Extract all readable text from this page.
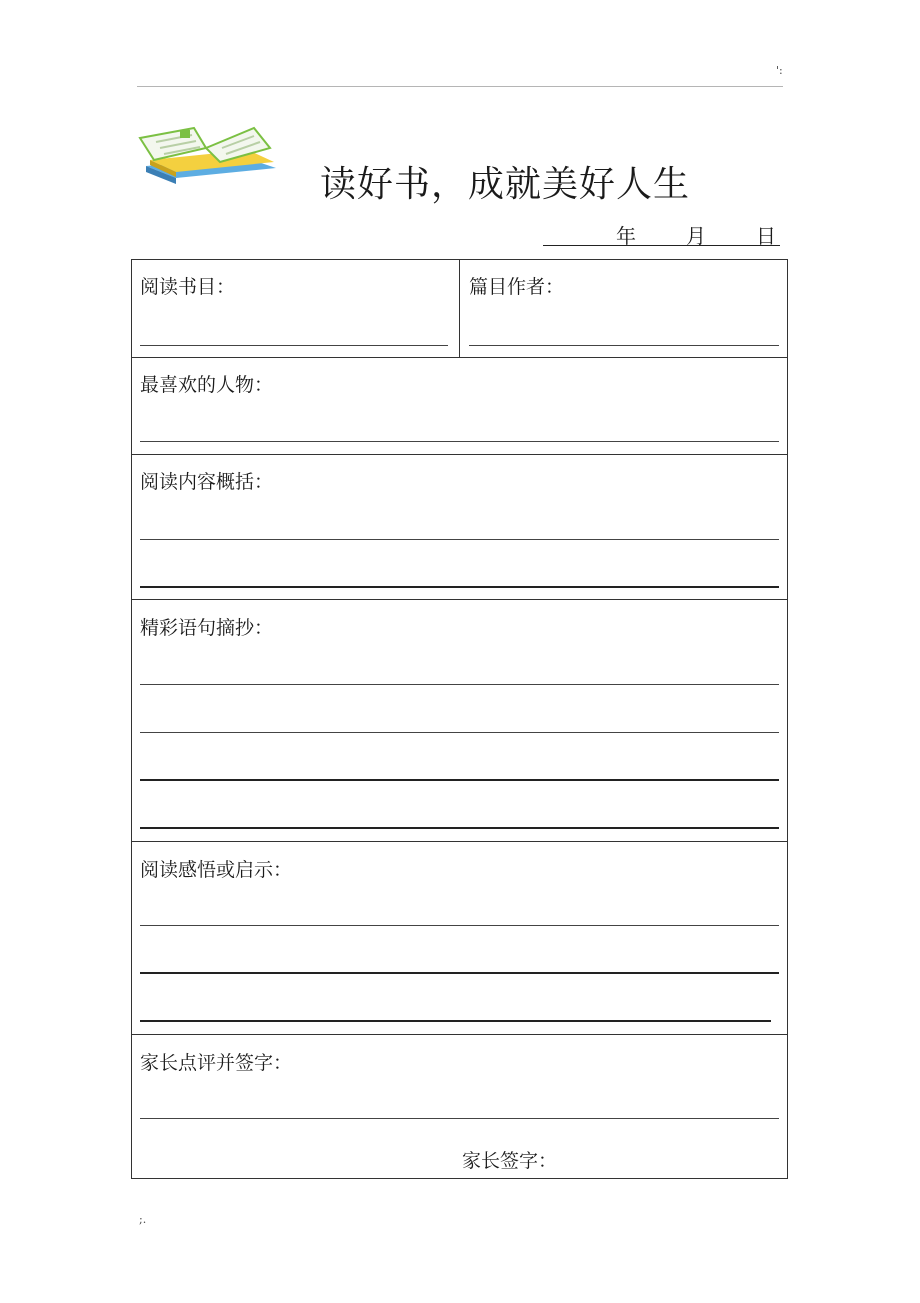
':
读好书，成就美好人生
年	月	日
阅读书目：	篇目作者：
最喜欢的人物：
阅读内容概括：
精彩语句摘抄：
阅读感悟或启示：
家长点评并签字：
家长签字：
;.
